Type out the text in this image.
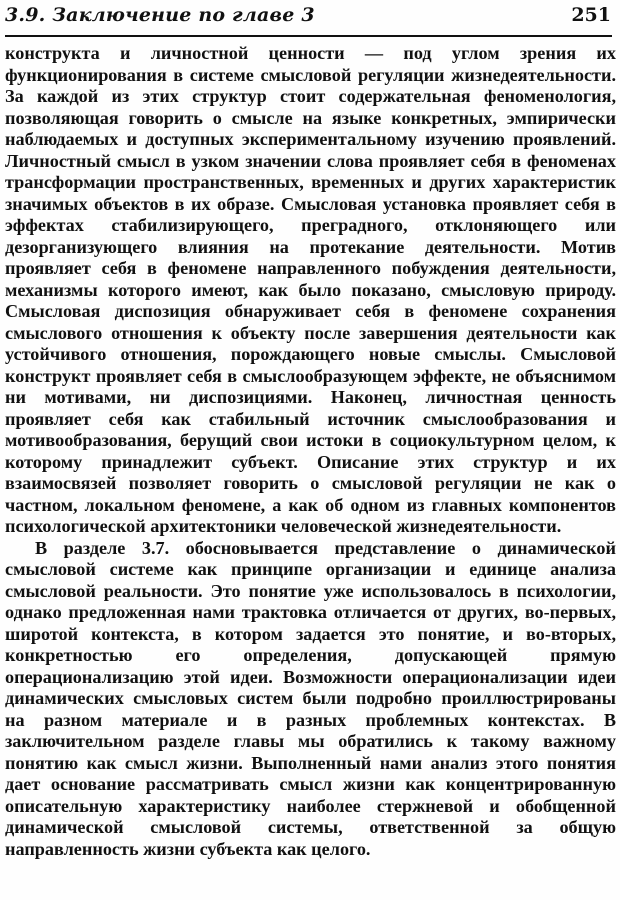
3.9. Заключение по главе 3	251

конструкта и личностной ценности — под углом зрения их функционирования в системе смысловой регуляции жизнедеятельности. За каждой из этих структур стоит содержательная феноменология, позволяющая говорить о смысле на языке конкретных, эмпирически наблюдаемых и доступных экспериментальному изучению проявлений. Личностный смысл в узком значении слова проявляет себя в феноменах трансформации пространственных, временных и других характеристик значимых объектов в их образе. Смысловая установка проявляет себя в эффектах стабилизирующего, преградного, отклоняющего или дезорганизующего влияния на протекание деятельности. Мотив проявляет себя в феномене направленного побуждения деятельности, механизмы которого имеют, как было показано, смысловую природу. Смысловая диспозиция обнаруживает себя в феномене сохранения смыслового отношения к объекту после завершения деятельности как устойчивого отношения, порождающего новые смыслы. Смысловой конструкт проявляет себя в смыслообразующем эффекте, не объяснимом ни мотивами, ни диспозициями. Наконец, личностная ценность проявляет себя как стабильный источник смыслообразования и мотивообразования, берущий свои истоки в социокультурном целом, к которому принадлежит субъект. Описание этих структур и их взаимосвязей позволяет говорить о смысловой регуляции не как о частном, локальном феномене, а как об одном из главных компонентов психологической архитектоники человеческой жизнедеятельности.

В разделе 3.7. обосновывается представление о динамической смысловой системе как принципе организации и единице анализа смысловой реальности. Это понятие уже использовалось в психологии, однако предложенная нами трактовка отличается от других, во-первых, широтой контекста, в котором задается это понятие, и во-вторых, конкретностью его определения, допускающей прямую операционализацию этой идеи. Возможности операционализации идеи динамических смысловых систем были подробно проиллюстрированы на разном материале и в разных проблемных контекстах. В заключительном разделе главы мы обратились к такому важному понятию как смысл жизни. Выполненный нами анализ этого понятия дает основание рассматривать смысл жизни как концентрированную описательную характеристику наиболее стержневой и обобщенной динамической смысловой системы, ответственной за общую направленность жизни субъекта как целого.
